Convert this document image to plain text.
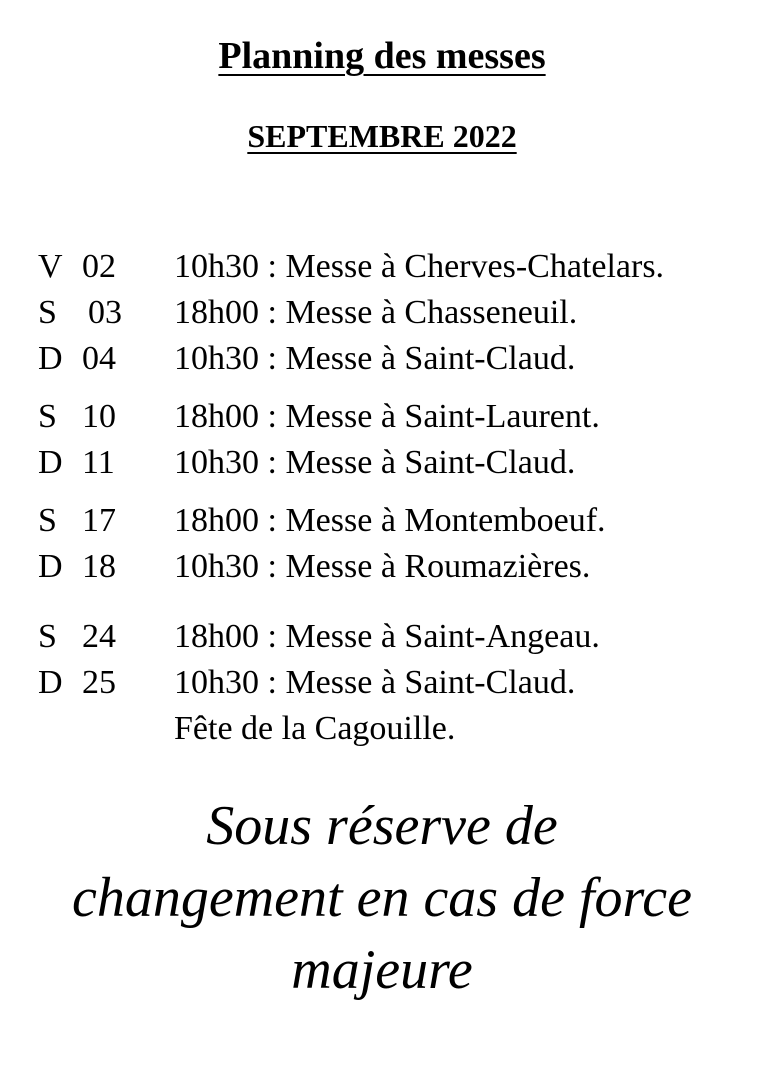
Planning des messes
SEPTEMBRE 2022
V 02 10h30 : Messe à Cherves-Chatelars.
S 03 18h00 : Messe à Chasseneuil.
D 04 10h30 : Messe à Saint-Claud.
S 10 18h00 : Messe à Saint-Laurent.
D 11 10h30 : Messe à Saint-Claud.
S 17 18h00 : Messe à Montemboeuf.
D 18 10h30 : Messe à Roumazières.
S 24 18h00 : Messe à Saint-Angeau.
D 25 10h30 : Messe à Saint-Claud.
Fête de la Cagouille.
Sous réserve de
changement en cas de force
majeure
